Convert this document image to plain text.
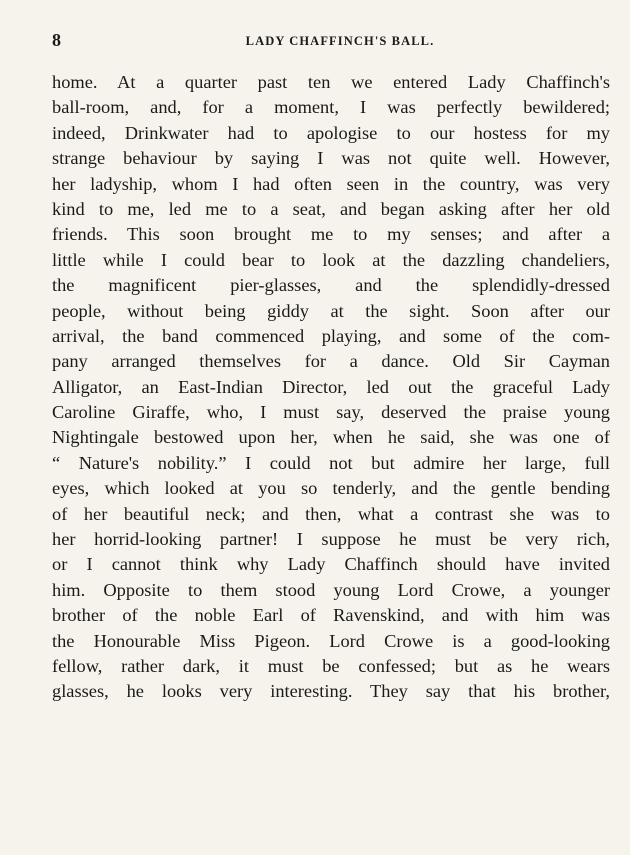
8	LADY CHAFFINCH'S BALL.
home. At a quarter past ten we entered Lady Chaffinch's
ball-room, and, for a moment, I was perfectly bewildered;
indeed, Drinkwater had to apologise to our hostess for my
strange behaviour by saying I was not quite well. However,
her ladyship, whom I had often seen in the country, was very
kind to me, led me to a seat, and began asking after her old
friends. This soon brought me to my senses; and after a
little while I could bear to look at the dazzling chandeliers,
the magnificent pier-glasses, and the splendidly-dressed
people, without being giddy at the sight. Soon after our
arrival, the band commenced playing, and some of the com-
pany arranged themselves for a dance. Old Sir Cayman
Alligator, an East-Indian Director, led out the graceful Lady
Caroline Giraffe, who, I must say, deserved the praise young
Nightingale bestowed upon her, when he said, she was one of
“ Nature's nobility.” I could not but admire her large, full
eyes, which looked at you so tenderly, and the gentle bending
of her beautiful neck; and then, what a contrast she was to
her horrid-looking partner! I suppose he must be very rich,
or I cannot think why Lady Chaffinch should have invited
him. Opposite to them stood young Lord Crowe, a younger
brother of the noble Earl of Ravenskind, and with him was
the Honourable Miss Pigeon. Lord Crowe is a good-looking
fellow, rather dark, it must be confessed; but as he wears
glasses, he looks very interesting. They say that his brother,
